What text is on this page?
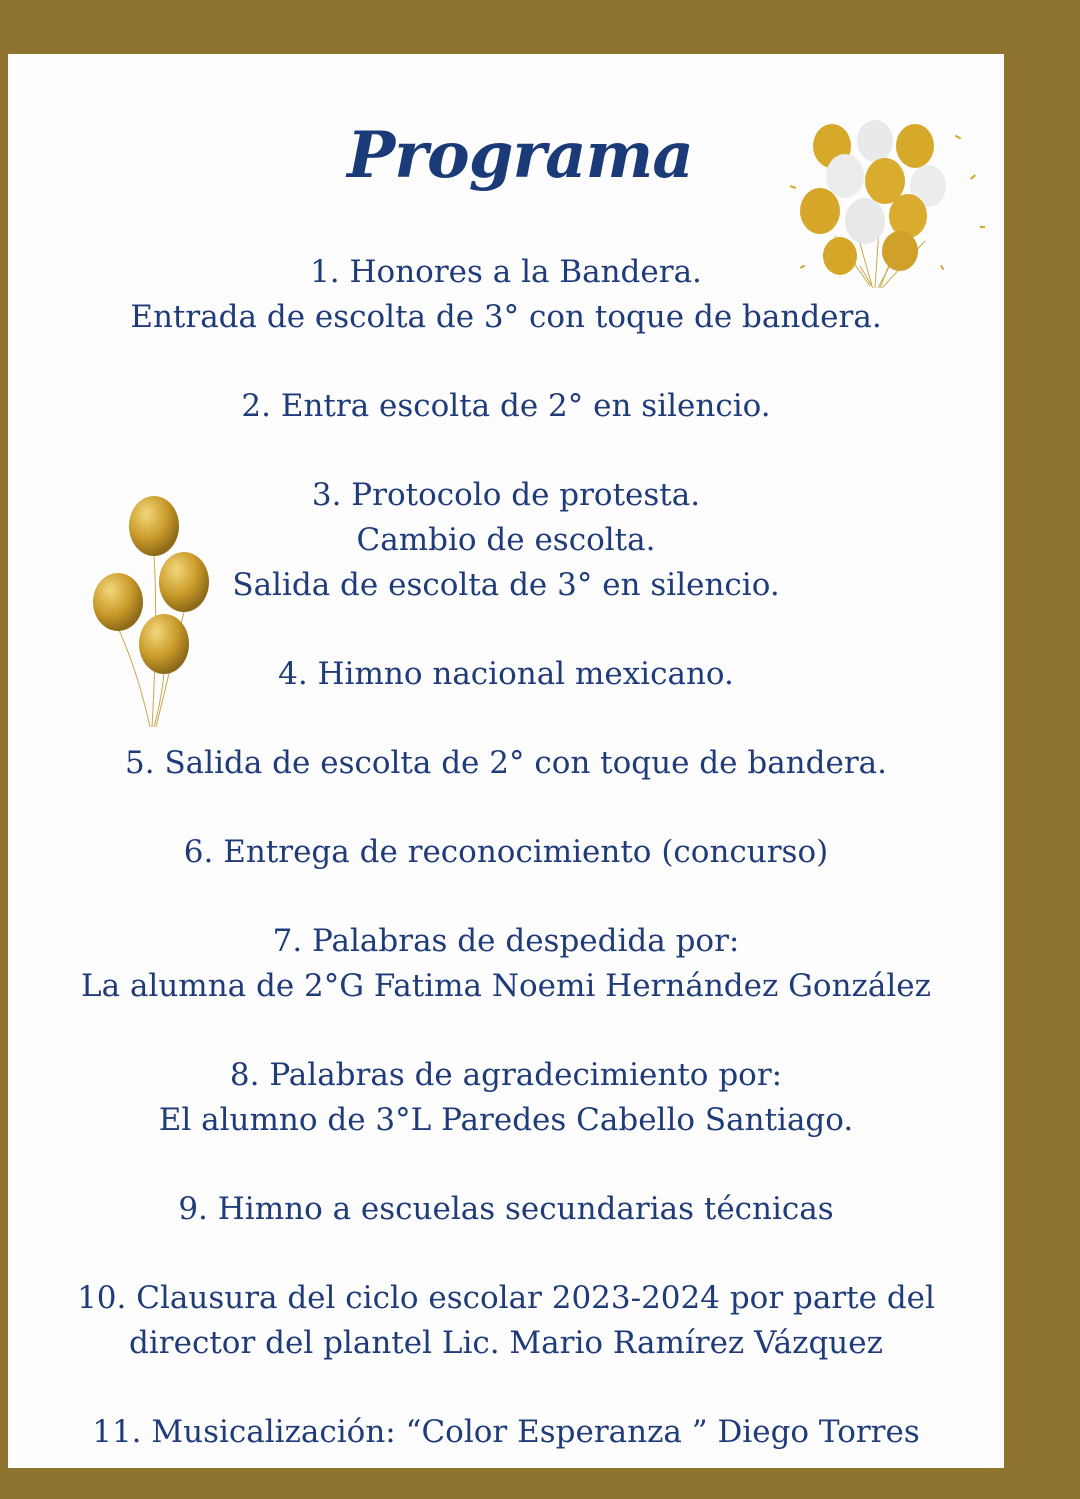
Programa
1. Honores a la Bandera.
Entrada de escolta de 3° con toque de bandera.
2. Entra escolta de 2° en silencio.
3. Protocolo de protesta.
Cambio de escolta.
Salida de escolta de 3° en silencio.
4. Himno nacional mexicano.
5. Salida de escolta de 2° con toque de bandera.
6. Entrega de reconocimiento (concurso)
7. Palabras de despedida por:
La alumna de 2°G Fatima Noemi Hernández González
8. Palabras de agradecimiento por:
El alumno de 3°L Paredes Cabello Santiago.
9. Himno a escuelas secundarias técnicas
10. Clausura del ciclo escolar 2023-2024 por parte del
director del plantel Lic. Mario Ramírez Vázquez
11. Musicalización: “Color Esperanza ” Diego Torres
